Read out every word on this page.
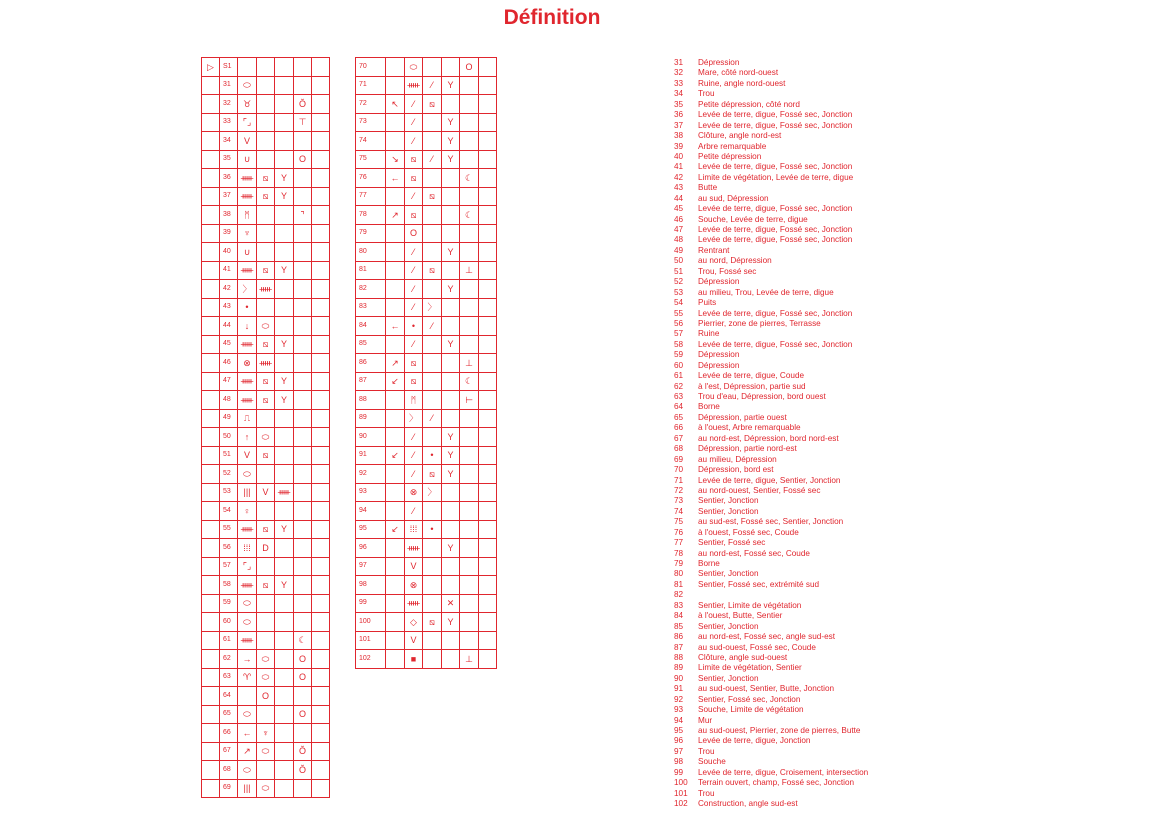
Définition
▷	S1					
	31	⬭				
	32	♉			Ŏ	
	33	⌜⌟			⊤	
	34	V				
	35	∪			O	
	36	ᚔ	⧅	Y		
	37	ᚔ	⧅	Y		
	38	ᛗ			⌝	
	39	♆				
	40	∪				
	41	ᚔ	⧅	Y		
	42	〉	ᚔ			
	43	•				
	44	↓	⬭			
	45	ᚔ	⧅	Y		
	46	⊗	ᚔ			
	47	ᚔ	⧅	Y		
	48	ᚔ	⧅	Y		
	49	⎍				
	50	↑	⬭			
	51	V	⧅			
	52	⬭				
	53	|||	V	ᚔ		
	54	♀				
	55	ᚔ	⧅	Y		
	56	⁞⁞⁞	D			
	57	⌜⌟				
	58	ᚔ	⧅	Y		
	59	⬭				
	60	⬭				
	61	ᚔ			☾	
	62	→	⬭		O	
	63	♈	⬭		O	
	64		O			
	65	⬭			O	
	66	←	♆			
	67	↗	⬭		Ŏ	
	68	⬭			Ŏ	
	69	|||	⬭			
70		⬭			O	
71		ᚔ	⁄	Y		
72	↖	⁄	⧅			
73		⁄		Y		
74		⁄		Y		
75	↘	⧅	⁄	Y		
76	←	⧅			☾	
77		⁄	⧅			
78	↗	⧅			☾	
79		O				
80		⁄		Y		
81		⁄	⧅		⊥	
82		⁄		Y		
83		⁄	〉			
84	←	•	⁄			
85		⁄		Y		
86	↗	⧅			⊥	
87	↙	⧅			☾	
88		ᛗ			⊢	
89		〉	⁄			
90		⁄		Y		
91	↙	⁄	•	Y		
92		⁄	⧅	Y		
93		⊗	〉			
94		⁄				
95	↙	⁞⁞⁞	•			
96		ᚔ		Y		
97		V				
98		⊗				
99		ᚔ		✕		
100		◇	⧅	Y		
101		V				
102		■			⊥	
31	Dépression
32	Mare, côté nord-ouest
33	Ruine, angle nord-ouest
34	Trou
35	Petite dépression, côté nord
36	Levée de terre, digue, Fossé sec, Jonction
37	Levée de terre, digue, Fossé sec, Jonction
38	Clôture, angle nord-est
39	Arbre remarquable
40	Petite dépression
41	Levée de terre, digue, Fossé sec, Jonction
42	Limite de végétation, Levée de terre, digue
43	Butte
44	au sud, Dépression
45	Levée de terre, digue, Fossé sec, Jonction
46	Souche, Levée de terre, digue
47	Levée de terre, digue, Fossé sec, Jonction
48	Levée de terre, digue, Fossé sec, Jonction
49	Rentrant
50	au nord, Dépression
51	Trou, Fossé sec
52	Dépression
53	au milieu, Trou, Levée de terre, digue
54	Puits
55	Levée de terre, digue, Fossé sec, Jonction
56	Pierrier, zone de pierres, Terrasse
57	Ruine
58	Levée de terre, digue, Fossé sec, Jonction
59	Dépression
60	Dépression
61	Levée de terre, digue, Coude
62	à l'est, Dépression, partie sud
63	Trou d'eau, Dépression, bord ouest
64	Borne
65	Dépression, partie ouest
66	à l'ouest, Arbre remarquable
67	au nord-est, Dépression, bord nord-est
68	Dépression, partie nord-est
69	au milieu, Dépression
70	Dépression, bord est
71	Levée de terre, digue, Sentier, Jonction
72	au nord-ouest, Sentier, Fossé sec
73	Sentier, Jonction
74	Sentier, Jonction
75	au sud-est, Fossé sec, Sentier, Jonction
76	à l'ouest, Fossé sec, Coude
77	Sentier, Fossé sec
78	au nord-est, Fossé sec, Coude
79	Borne
80	Sentier, Jonction
81	Sentier, Fossé sec, extrémité sud
82
83	Sentier, Limite de végétation
84	à l'ouest, Butte, Sentier
85	Sentier, Jonction
86	au nord-est, Fossé sec, angle sud-est
87	au sud-ouest, Fossé sec, Coude
88	Clôture, angle sud-ouest
89	Limite de végétation, Sentier
90	Sentier, Jonction
91	au sud-ouest, Sentier, Butte, Jonction
92	Sentier, Fossé sec, Jonction
93	Souche, Limite de végétation
94	Mur
95	au sud-ouest, Pierrier, zone de pierres, Butte
96	Levée de terre, digue, Jonction
97	Trou
98	Souche
99	Levée de terre, digue, Croisement, intersection
100	Terrain ouvert, champ, Fossé sec, Jonction
101	Trou
102	Construction, angle sud-est
